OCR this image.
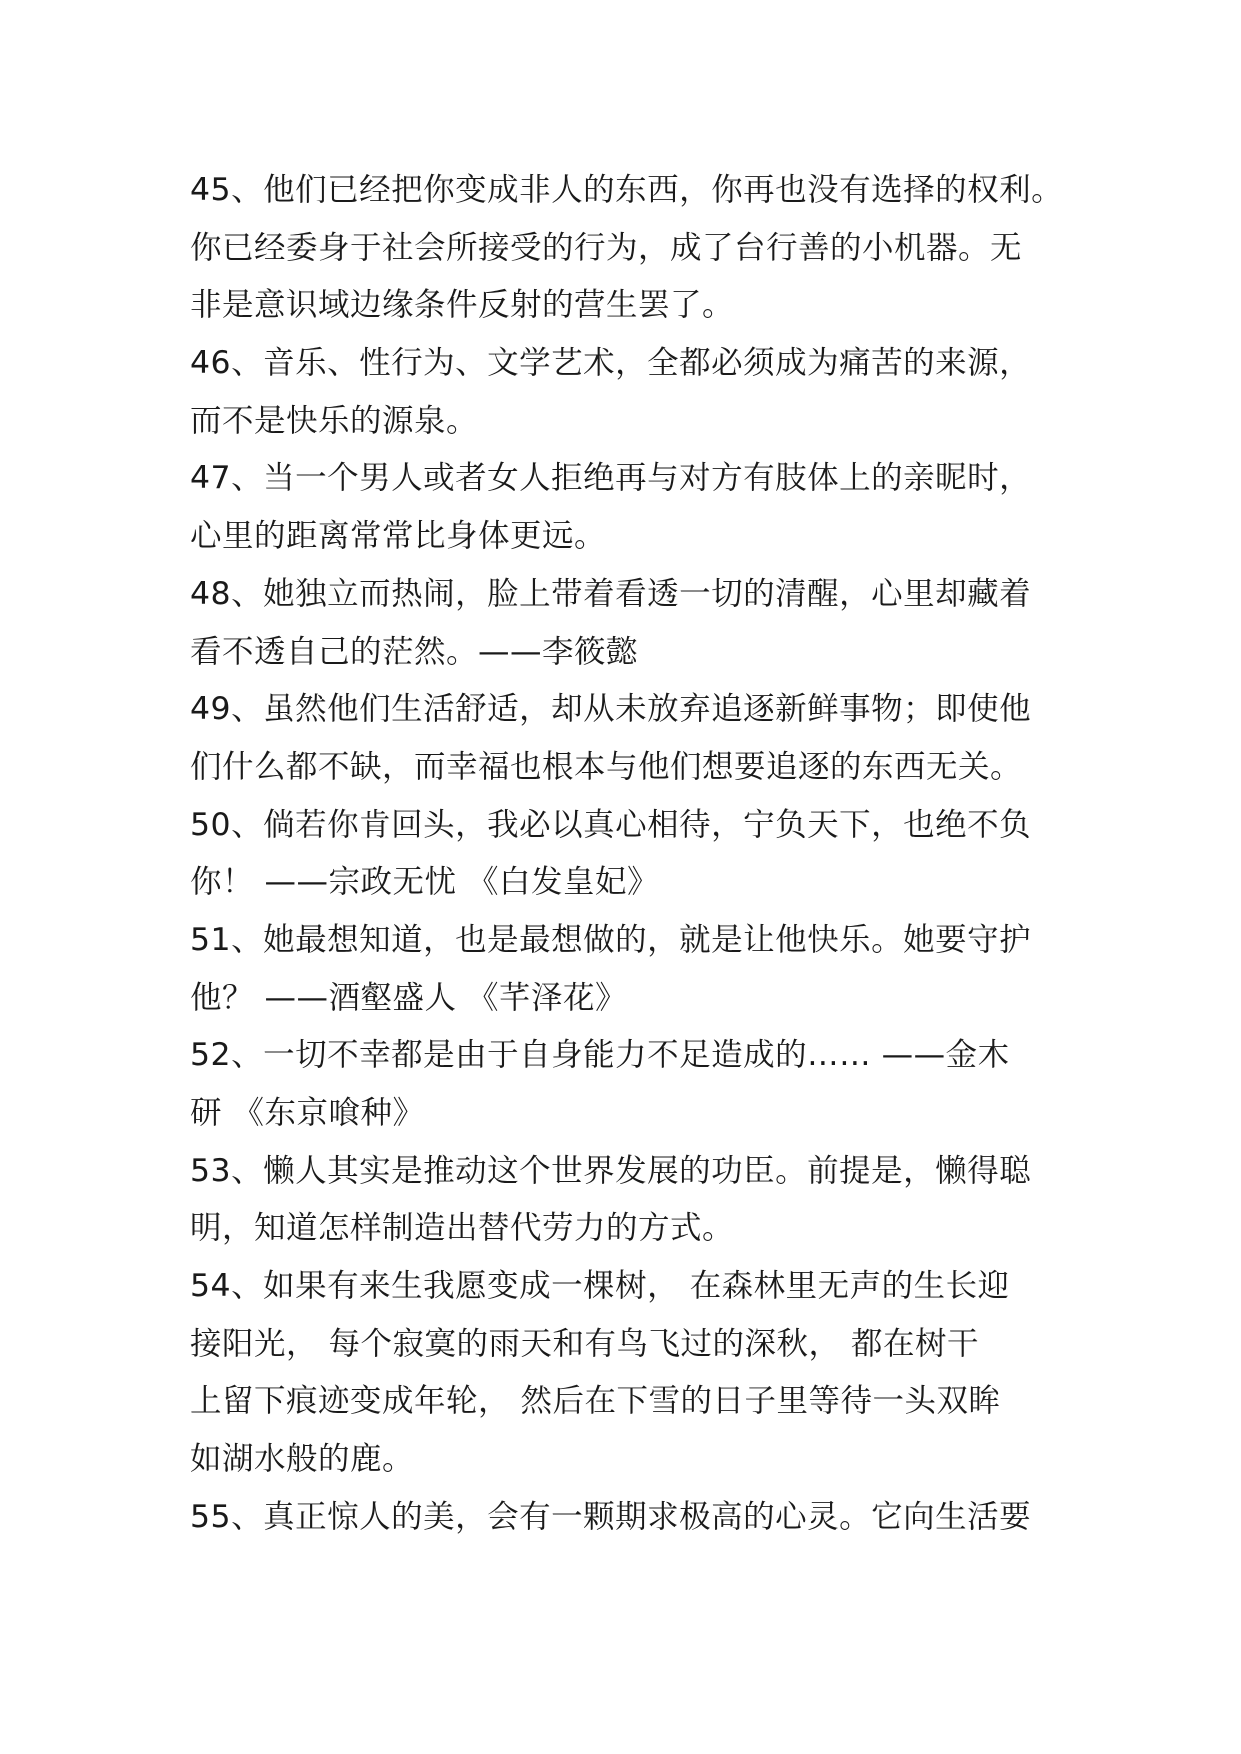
45、他们已经把你变成非人的东西，你再也没有选择的权利。
你已经委身于社会所接受的行为，成了台行善的小机器。无
非是意识域边缘条件反射的营生罢了。
46、音乐、性行为、文学艺术，全都必须成为痛苦的来源，
而不是快乐的源泉。
47、当一个男人或者女人拒绝再与对方有肢体上的亲昵时，
心里的距离常常比身体更远。
48、她独立而热闹，脸上带着看透一切的清醒，心里却藏着
看不透自己的茫然。——李筱懿
49、虽然他们生活舒适，却从未放弃追逐新鲜事物；即使他
们什么都不缺，而幸福也根本与他们想要追逐的东西无关。
50、倘若你肯回头，我必以真心相待，宁负天下，也绝不负
你！ ——宗政无忧 《白发皇妃》
51、她最想知道，也是最想做的，就是让他快乐。她要守护
他？ ——酒壑盛人 《芊泽花》
52、一切不幸都是由于自身能力不足造成的…… ——金木
研 《东京喰种》
53、懒人其实是推动这个世界发展的功臣。前提是，懒得聪
明，知道怎样制造出替代劳力的方式。
54、如果有来生我愿变成一棵树， 在森林里无声的生长迎
接阳光， 每个寂寞的雨天和有鸟飞过的深秋， 都在树干
上留下痕迹变成年轮， 然后在下雪的日子里等待一头双眸
如湖水般的鹿。
55、真正惊人的美，会有一颗期求极高的心灵。它向生活要
